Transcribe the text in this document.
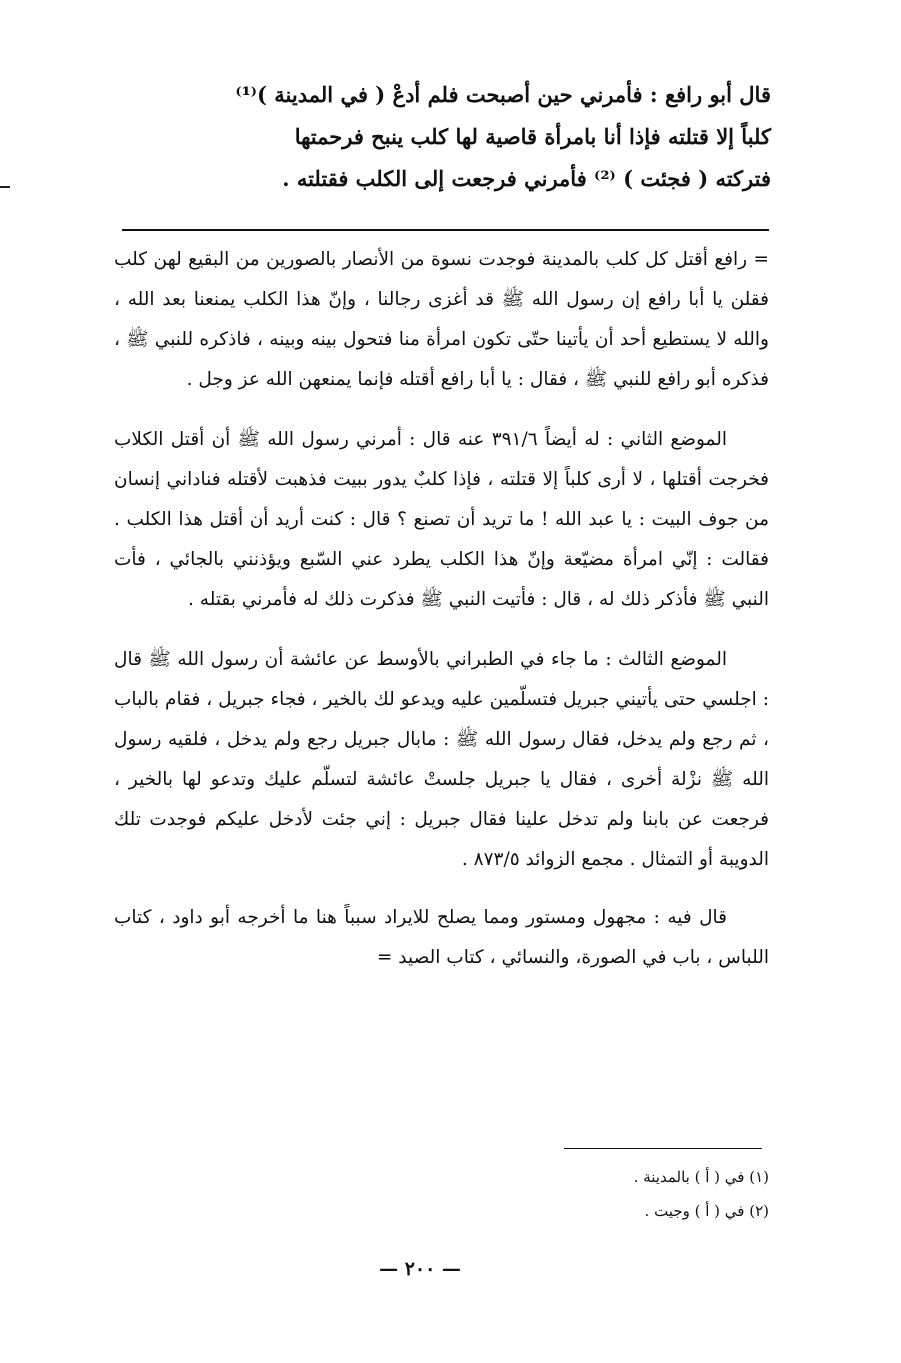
قال أبو رافع : فأمرني حين أصبحت فلم أدعْ ( في المدينة )⁽¹⁾

كلباً إلا قتلته فإذا أنا بامرأة قاصية لها كلب ينبح فرحمتها

فتركته ( فجئت ) ⁽²⁾ فأمرني فرجعت إلى الكلب فقتلته .

= رافع أقتل كل كلب بالمدينة فوجدت نسوة من الأنصار بالصورين من البقيع لهن كلب فقلن يا أبا رافع إن رسول الله ﷺ قد أغزى رجالنا ، وإنّ هذا الكلب يمنعنا بعد الله ، والله لا يستطيع أحد أن يأتينا حتّى تكون امرأة منا فتحول بينه وبينه ، فاذكره للنبي ﷺ ، فذكره أبو رافع للنبي ﷺ ، فقال : يا أبا رافع أقتله فإنما يمنعهن الله عز وجل .

الموضع الثاني : له أيضاً ٣٩١/٦ عنه قال : أمرني رسول الله ﷺ أن أقتل الكلاب فخرجت أقتلها ، لا أرى كلباً إلا قتلته ، فإذا كلبٌ يدور ببيت فذهبت لأقتله فناداني إنسان من جوف البيت : يا عبد الله ! ما تريد أن تصنع ؟ قال : كنت أريد أن أقتل هذا الكلب . فقالت : إنّي امرأة مضيّعة وإنّ هذا الكلب يطرد عني السّبع ويؤذنني بالجائي ، فأت النبي ﷺ فأذكر ذلك له ، قال : فأتيت النبي ﷺ فذكرت ذلك له فأمرني بقتله .

الموضع الثالث : ما جاء في الطبراني بالأوسط عن عائشة أن رسول الله ﷺ قال : اجلسي حتى يأتيني جبريل فتسلّمين عليه ويدعو لك بالخير ، فجاء جبريل ، فقام بالباب ، ثم رجع ولم يدخل، فقال رسول الله ﷺ : مابال جبريل رجع ولم يدخل ، فلقيه رسول الله ﷺ نزْلة أخرى ، فقال يا جبريل جلستْ عائشة لتسلّم عليك وتدعو لها بالخير ، فرجعت عن بابنا ولم تدخل علينا فقال جبريل : إني جئت لأدخل عليكم فوجدت تلك الدويبة أو التمثال . مجمع الزوائد ٨٧٣/٥ .

قال فيه : مجهول ومستور ومما يصلح للايراد سبباً هنا ما أخرجه أبو داود ، كتاب اللباس ، باب في الصورة، والنسائي ، كتاب الصيد =

(١) في ( أ ) بالمدينة .

(٢) في ( أ ) وجيت .

— ٢٠٠ —
